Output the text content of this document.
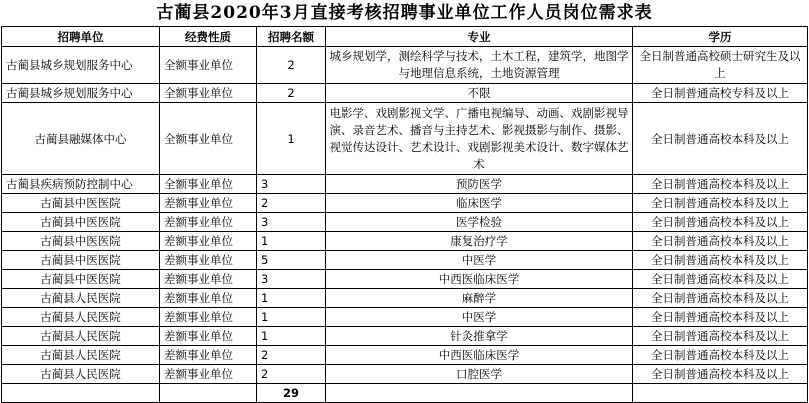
古蔺县2020年3月直接考核招聘事业单位工作人员岗位需求表
招聘单位	经费性质	招聘名额	专业	学历
古蔺县城乡规划服务中心	全额事业单位	2	城乡规划学，测绘科学与技术，土木工程，建筑学，地图学与地理信息系统，土地资源管理	全日制普通高校硕士研究生及以上
古蔺县城乡规划服务中心	全额事业单位	2	不限	全日制普通高校专科及以上
古蔺县融媒体中心	全额事业单位	1	电影学、戏剧影视文学、广播电视编导、动画、戏剧影视导演、录音艺术、播音与主持艺术、影视摄影与制作、摄影、视觉传达设计、艺术设计、戏剧影视美术设计、数字媒体艺术	全日制普通高校本科及以上
古蔺县疾病预防控制中心	全额事业单位	3	预防医学	全日制普通高校本科及以上
古蔺县中医医院	差额事业单位	2	临床医学	全日制普通高校本科及以上
古蔺县中医医院	差额事业单位	3	医学检验	全日制普通高校本科及以上
古蔺县中医医院	差额事业单位	1	康复治疗学	全日制普通高校本科及以上
古蔺县中医医院	差额事业单位	5	中医学	全日制普通高校本科及以上
古蔺县中医医院	差额事业单位	3	中西医临床医学	全日制普通高校本科及以上
古蔺县人民医院	差额事业单位	1	麻醉学	全日制普通高校本科及以上
古蔺县人民医院	差额事业单位	1	中医学	全日制普通高校本科及以上
古蔺县人民医院	差额事业单位	1	针灸推拿学	全日制普通高校本科及以上
古蔺县人民医院	差额事业单位	2	中西医临床医学	全日制普通高校本科及以上
古蔺县人民医院	差额事业单位	2	口腔医学	全日制普通高校本科及以上
		29		
